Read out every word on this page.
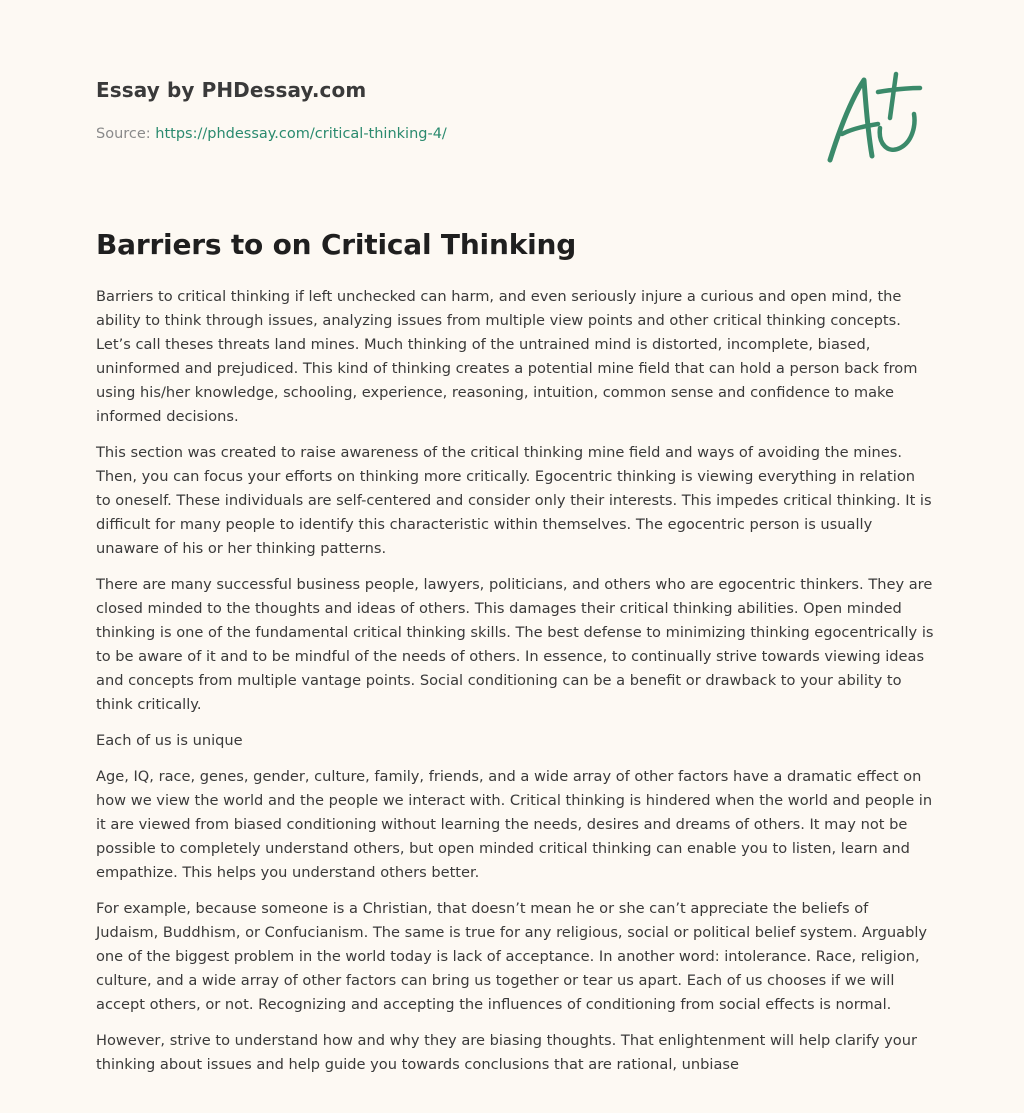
Essay by PHDessay.com
Source: https://phdessay.com/critical-thinking-4/
Barriers to on Critical Thinking

Barriers to critical thinking if left unchecked can harm, and even seriously injure a curious and open mind, the ability to think through issues, analyzing issues from multiple view points and other critical thinking concepts. Let’s call theses threats land mines. Much thinking of the untrained mind is distorted, incomplete, biased, uninformed and prejudiced. This kind of thinking creates a potential mine field that can hold a person back from using his/her knowledge, schooling, experience, reasoning, intuition, common sense and confidence to make informed decisions.

This section was created to raise awareness of the critical thinking mine field and ways of avoiding the mines. Then, you can focus your efforts on thinking more critically. Egocentric thinking is viewing everything in relation to oneself. These individuals are self-centered and consider only their interests. This impedes critical thinking. It is difficult for many people to identify this characteristic within themselves. The egocentric person is usually unaware of his or her thinking patterns.

There are many successful business people, lawyers, politicians, and others who are egocentric thinkers. They are closed minded to the thoughts and ideas of others. This damages their critical thinking abilities. Open minded thinking is one of the fundamental critical thinking skills. The best defense to minimizing thinking egocentrically is to be aware of it and to be mindful of the needs of others. In essence, to continually strive towards viewing ideas and concepts from multiple vantage points. Social conditioning can be a benefit or drawback to your ability to think critically.

Each of us is unique

Age, IQ, race, genes, gender, culture, family, friends, and a wide array of other factors have a dramatic effect on how we view the world and the people we interact with. Critical thinking is hindered when the world and people in it are viewed from biased conditioning without learning the needs, desires and dreams of others. It may not be possible to completely understand others, but open minded critical thinking can enable you to listen, learn and empathize. This helps you understand others better.

For example, because someone is a Christian, that doesn’t mean he or she can’t appreciate the beliefs of Judaism, Buddhism, or Confucianism. The same is true for any religious, social or political belief system. Arguably one of the biggest problem in the world today is lack of acceptance. In another word: intolerance. Race, religion, culture, and a wide array of other factors can bring us together or tear us apart. Each of us chooses if we will accept others, or not. Recognizing and accepting the influences of conditioning from social effects is normal.

However, strive to understand how and why they are biasing thoughts. That enlightenment will help clarify your thinking about issues and help guide you towards conclusions that are rational, unbiase
